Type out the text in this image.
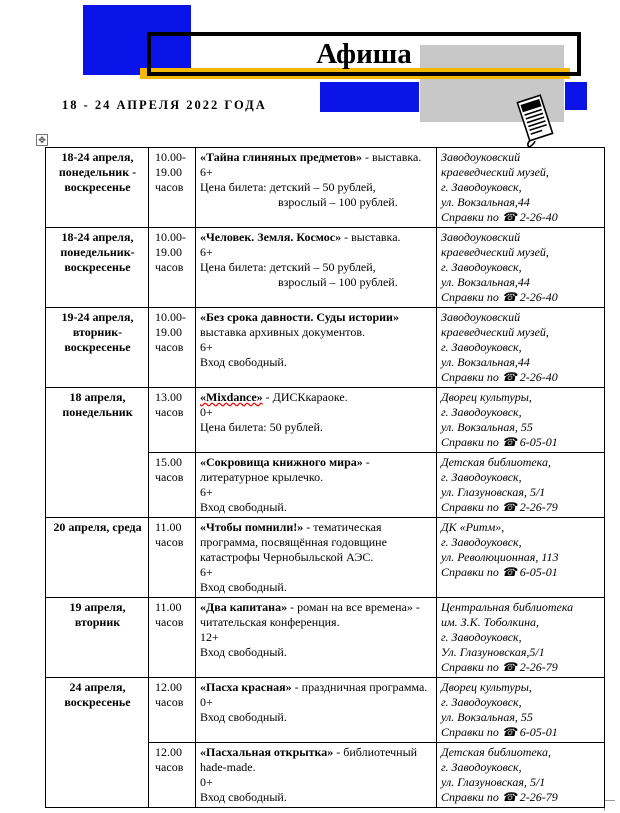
Афиша
18 - 24 АПРЕЛЯ 2022 ГОДА
✥
18-24 апреля, понедельник - воскресенье	10.00-19.00 часов	«Тайна глиняных предметов» - выставка.
6+

Цена билета: детский – 50 рублей,
взрослый – 100 рублей.	Заводоуковский
краеведческий музей,
г. Заводоуковск,
ул. Вокзальная,44
Справки по ☎ 2-26-40

18-24 апреля, понедельник- воскресенье	10.00-19.00 часов	«Человек. Земля. Космос» - выставка.
6+

Цена билета: детский – 50 рублей,
взрослый – 100 рублей.	Заводоуковский
краеведческий музей,
г. Заводоуковск,
ул. Вокзальная,44
Справки по ☎ 2-26-40

19-24 апреля, вторник- воскресенье	10.00-19.00 часов	«Без срока давности. Суды истории» выставка архивных документов.
6+
Вход свободный.	Заводоуковский
краеведческий музей,
г. Заводоуковск,
ул. Вокзальная,44
Справки по ☎ 2-26-40

18 апреля, понедельник	13.00 часов	«Mixdance» - ДИСКкараоке.
0+
Цена билета: 50 рублей.	Дворец культуры,
г. Заводоуковск,
ул. Вокзальная, 55
Справки по ☎ 6-05-01

	15.00 часов	«Сокровища книжного мира» - литературное крылечко.
6+
Вход свободный.	Детская библиотека,
г. Заводоуковск,
ул. Глазуновская, 5/1
Справки по ☎ 2-26-79

20 апреля, среда	11.00 часов	«Чтобы помнили!» - тематическая программа, посвящённая годовщине катастрофы Чернобыльской АЭС.
6+
Вход свободный.	ДК «Ритм»,
г. Заводоуковск,
ул. Революционная, 113
Справки по ☎ 6-05-01

19 апреля, вторник	11.00 часов	«Два капитана» - роман на все времена» - читательская конференция.
12+
Вход свободный.	Центральная библиотека
им. З.К. Тоболкина,
г. Заводоуковск,
Ул. Глазуновская,5/1
Справки по ☎ 2-26-79

24 апреля, воскресенье	12.00 часов	«Пасха красная» - праздничная программа.
0+
Вход свободный.	Дворец культуры,
г. Заводоуковск,
ул. Вокзальная, 55
Справки по ☎ 6-05-01

	12.00 часов	«Пасхальная открытка» - библиотечный hade-made.
0+
Вход свободный.	Детская библиотека,
г. Заводоуковск,
ул. Глазуновская, 5/1
Справки по ☎ 2-26-79
